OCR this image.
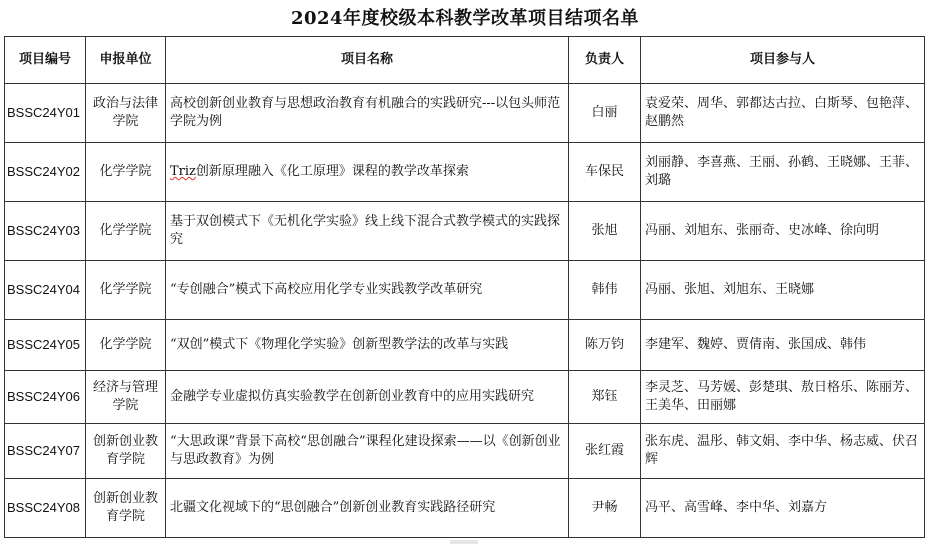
2024年度校级本科教学改革项目结项名单
项目编号	申报单位	项目名称	负责人	项目参与人
BSSC24Y01	政治与法律学院	高校创新创业教育与思想政治教育有机融合的实践研究---以包头师范学院为例	白丽	袁爱荣、周华、郭都达古拉、白斯琴、包艳萍、赵鹏然
BSSC24Y02	化学学院	Triz创新原理融入《化工原理》课程的教学改革探索	车保民	刘丽静、李喜燕、王丽、孙鹤、王晓娜、王菲、刘璐
BSSC24Y03	化学学院	基于双创模式下《无机化学实验》线上线下混合式教学模式的实践探究	张旭	冯丽、刘旭东、张丽奇、史冰峰、徐向明
BSSC24Y04	化学学院	“专创融合”模式下高校应用化学专业实践教学改革研究	韩伟	冯丽、张旭、刘旭东、王晓娜
BSSC24Y05	化学学院	“双创”模式下《物理化学实验》创新型教学法的改革与实践	陈万钧	李建军、魏婷、贾倩南、张国成、韩伟
BSSC24Y06	经济与管理学院	金融学专业虚拟仿真实验教学在创新创业教育中的应用实践研究	郑钰	李灵芝、马芳媛、彭楚琪、敖日格乐、陈丽芳、王美华、田丽娜
BSSC24Y07	创新创业教育学院	“大思政课”背景下高校“思创融合”课程化建设探索——以《创新创业与思政教育》为例	张红霞	张东虎、温彤、韩文娟、李中华、杨志威、伏召辉
BSSC24Y08	创新创业教育学院	北疆文化视域下的“思创融合”创新创业教育实践路径研究	尹畅	冯平、高雪峰、李中华、刘嘉方
